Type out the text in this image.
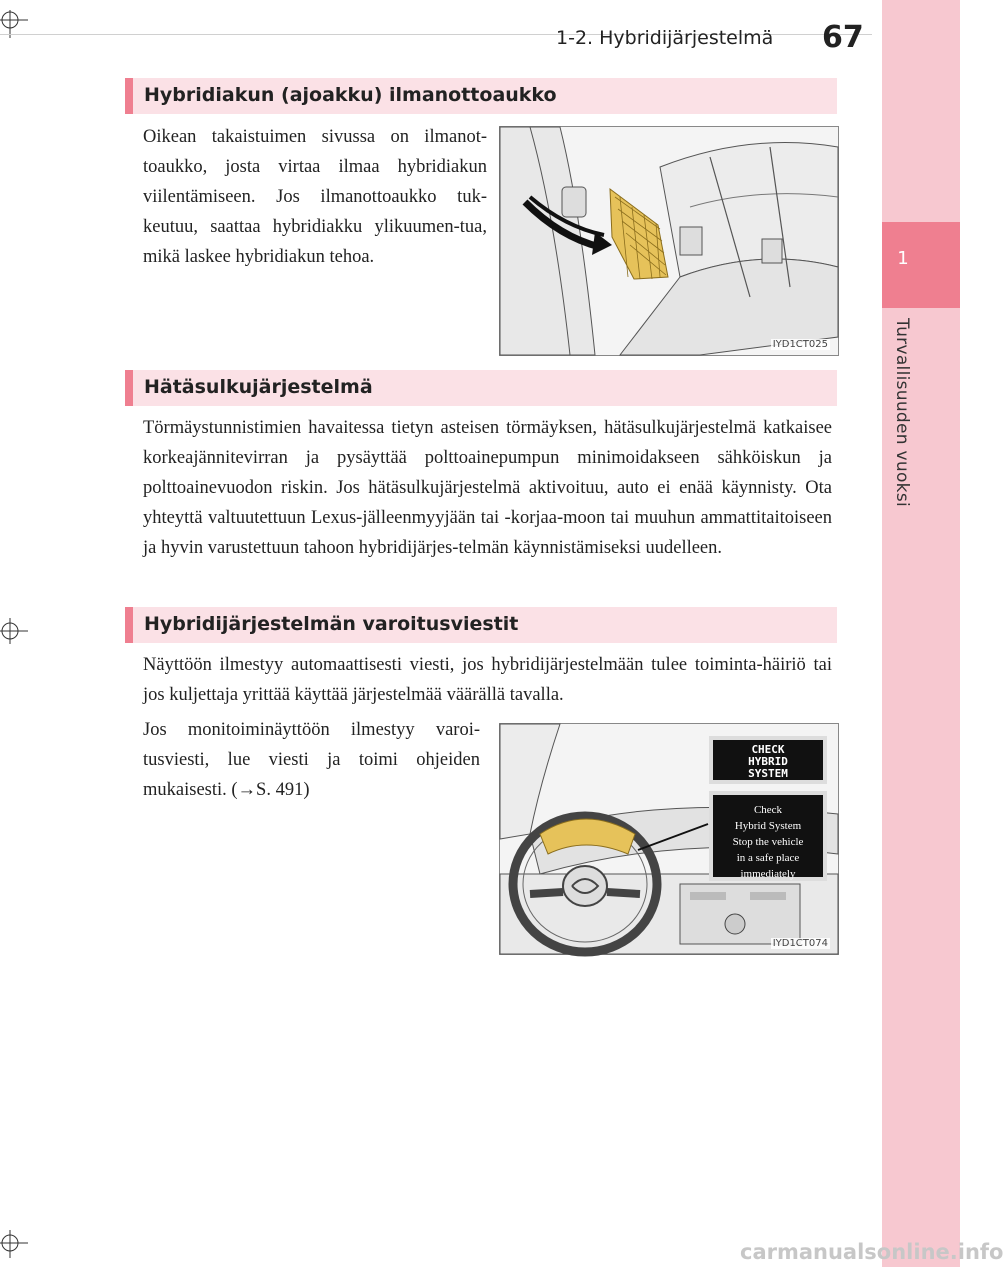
1-2. Hybridijärjestelmä 67
1
Turvallisuuden vuoksi
Hybridiakun (ajoakku) ilmanottoaukko
Oikean takaistuimen sivussa on ilmanot-toaukko, josta virtaa ilmaa hybridiakun viilentämiseen. Jos ilmanottoaukko tuk-keutuu, saattaa hybridiakku ylikuumen-tua, mikä laskee hybridiakun tehoa.
IYD1CT025
Hätäsulkujärjestelmä
Törmäystunnistimien havaitessa tietyn asteisen törmäyksen, hätäsulkujärjestelmä katkaisee korkeajännitevirran ja pysäyttää polttoainepumpun minimoidakseen sähköiskun ja polttoainevuodon riskin. Jos hätäsulkujärjestelmä aktivoituu, auto ei enää käynnisty. Ota yhteyttä valtuutettuun Lexus-jälleenmyyjään tai -korjaa-moon tai muuhun ammattitaitoiseen ja hyvin varustettuun tahoon hybridijärjes-telmän käynnistämiseksi uudelleen.
Hybridijärjestelmän varoitusviestit
Näyttöön ilmestyy automaattisesti viesti, jos hybridijärjestelmään tulee toiminta-häiriö tai jos kuljettaja yrittää käyttää järjestelmää väärällä tavalla.
Jos monitoiminäyttöön ilmestyy varoi-tusviesti, lue viesti ja toimi ohjeiden mukaisesti. (→S. 491)
CHECK
HYBRID
SYSTEM
Check
Hybrid System
Stop the vehicle
in a safe place
immediately
IYD1CT074
carmanualsonline.info
